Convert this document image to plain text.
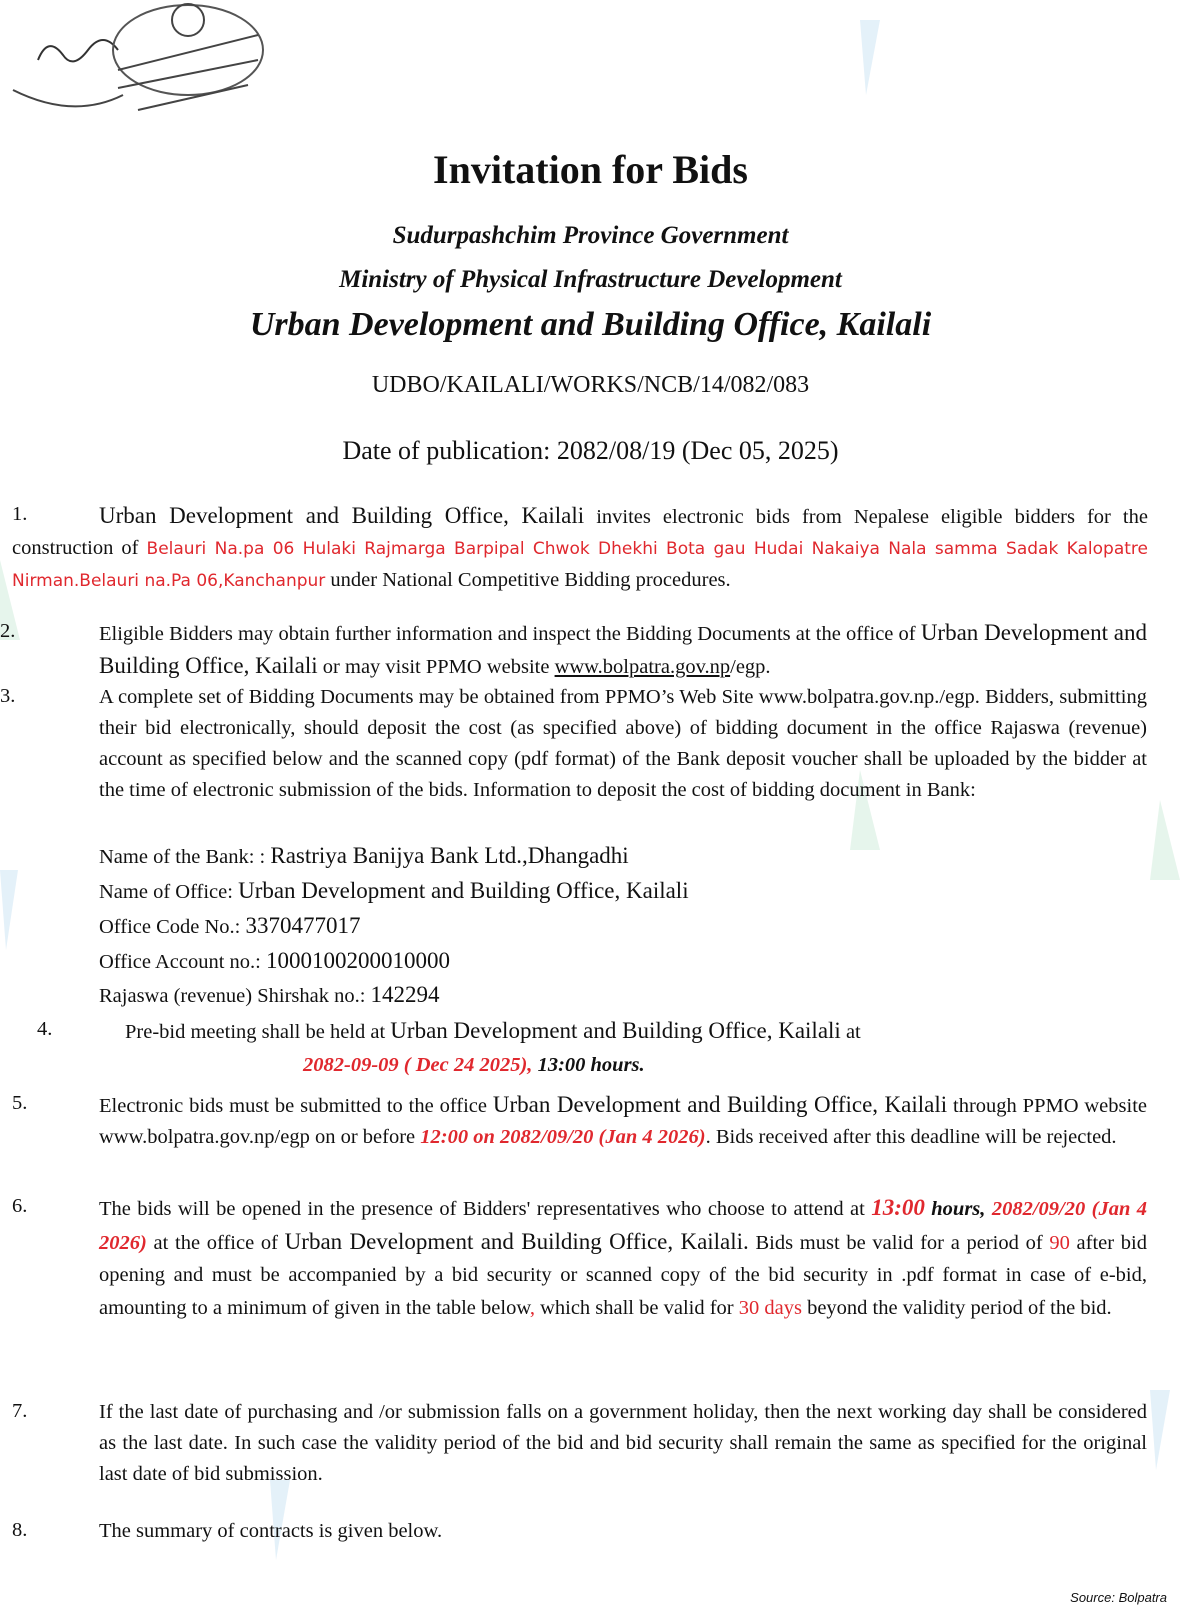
Invitation for Bids
Sudurpashchim Province Government
Ministry of Physical Infrastructure Development
Urban Development and Building Office, Kailali
UDBO/KAILALI/WORKS/NCB/14/082/083
Date of publication: 2082/08/19 (Dec 05, 2025)
1.	Urban Development and Building Office, Kailali invites electronic bids from Nepalese eligible bidders for the construction of Belauri Na.pa 06 Hulaki Rajmarga Barpipal Chwok Dhekhi Bota gau Hudai Nakaiya Nala samma Sadak Kalopatre Nirman.Belauri na.Pa 06,Kanchanpur under National Competitive Bidding procedures.
2.	Eligible Bidders may obtain further information and inspect the Bidding Documents at the office of Urban Development and Building Office, Kailali or may visit PPMO website www.bolpatra.gov.np/egp.
3.	A complete set of Bidding Documents may be obtained from PPMO’s Web Site www.bolpatra.gov.np./egp. Bidders, submitting their bid electronically, should deposit the cost (as specified above) of bidding document in the office Rajaswa (revenue) account as specified below and the scanned copy (pdf format) of the Bank deposit voucher shall be uploaded by the bidder at the time of electronic submission of the bids. Information to deposit the cost of bidding document in Bank:
Name of the Bank: : Rastriya Banijya Bank Ltd.,Dhangadhi
Name of Office: Urban Development and Building Office, Kailali
Office Code No.: 3370477017
Office Account no.: 1000100200010000
Rajaswa (revenue) Shirshak no.: 142294
4.	Pre-bid meeting shall be held at Urban Development and Building Office, Kailali at
2082-09-09 ( Dec 24 2025), 13:00 hours.
5.	Electronic bids must be submitted to the office Urban Development and Building Office, Kailali through PPMO website www.bolpatra.gov.np/egp on or before 12:00 on 2082/09/20 (Jan 4 2026). Bids received after this deadline will be rejected.
6.	The bids will be opened in the presence of Bidders' representatives who choose to attend at 13:00 hours, 2082/09/20 (Jan 4 2026) at the office of Urban Development and Building Office, Kailali. Bids must be valid for a period of 90 after bid opening and must be accompanied by a bid security or scanned copy of the bid security in .pdf format in case of e-bid, amounting to a minimum of given in the table below, which shall be valid for 30 days beyond the validity period of the bid.
7.	If the last date of purchasing and /or submission falls on a government holiday, then the next working day shall be considered as the last date. In such case the validity period of the bid and bid security shall remain the same as specified for the original last date of bid submission.
8.	The summary of contracts is given below.
Source: Bolpatra
